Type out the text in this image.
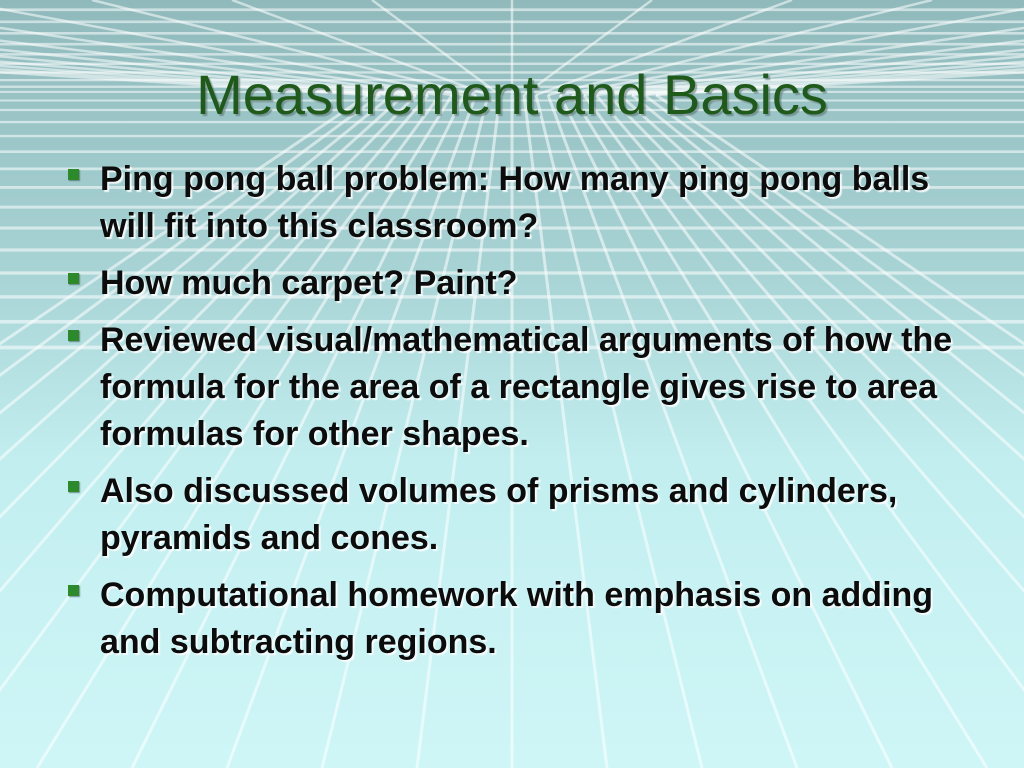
Measurement and Basics
Ping pong ball problem: How many ping pong balls will fit into this classroom?
How much carpet? Paint?
Reviewed visual/mathematical arguments of how the formula for the area of a rectangle gives rise to area formulas for other shapes.
Also discussed volumes of prisms and cylinders, pyramids and cones.
Computational homework with emphasis on adding and subtracting regions.
